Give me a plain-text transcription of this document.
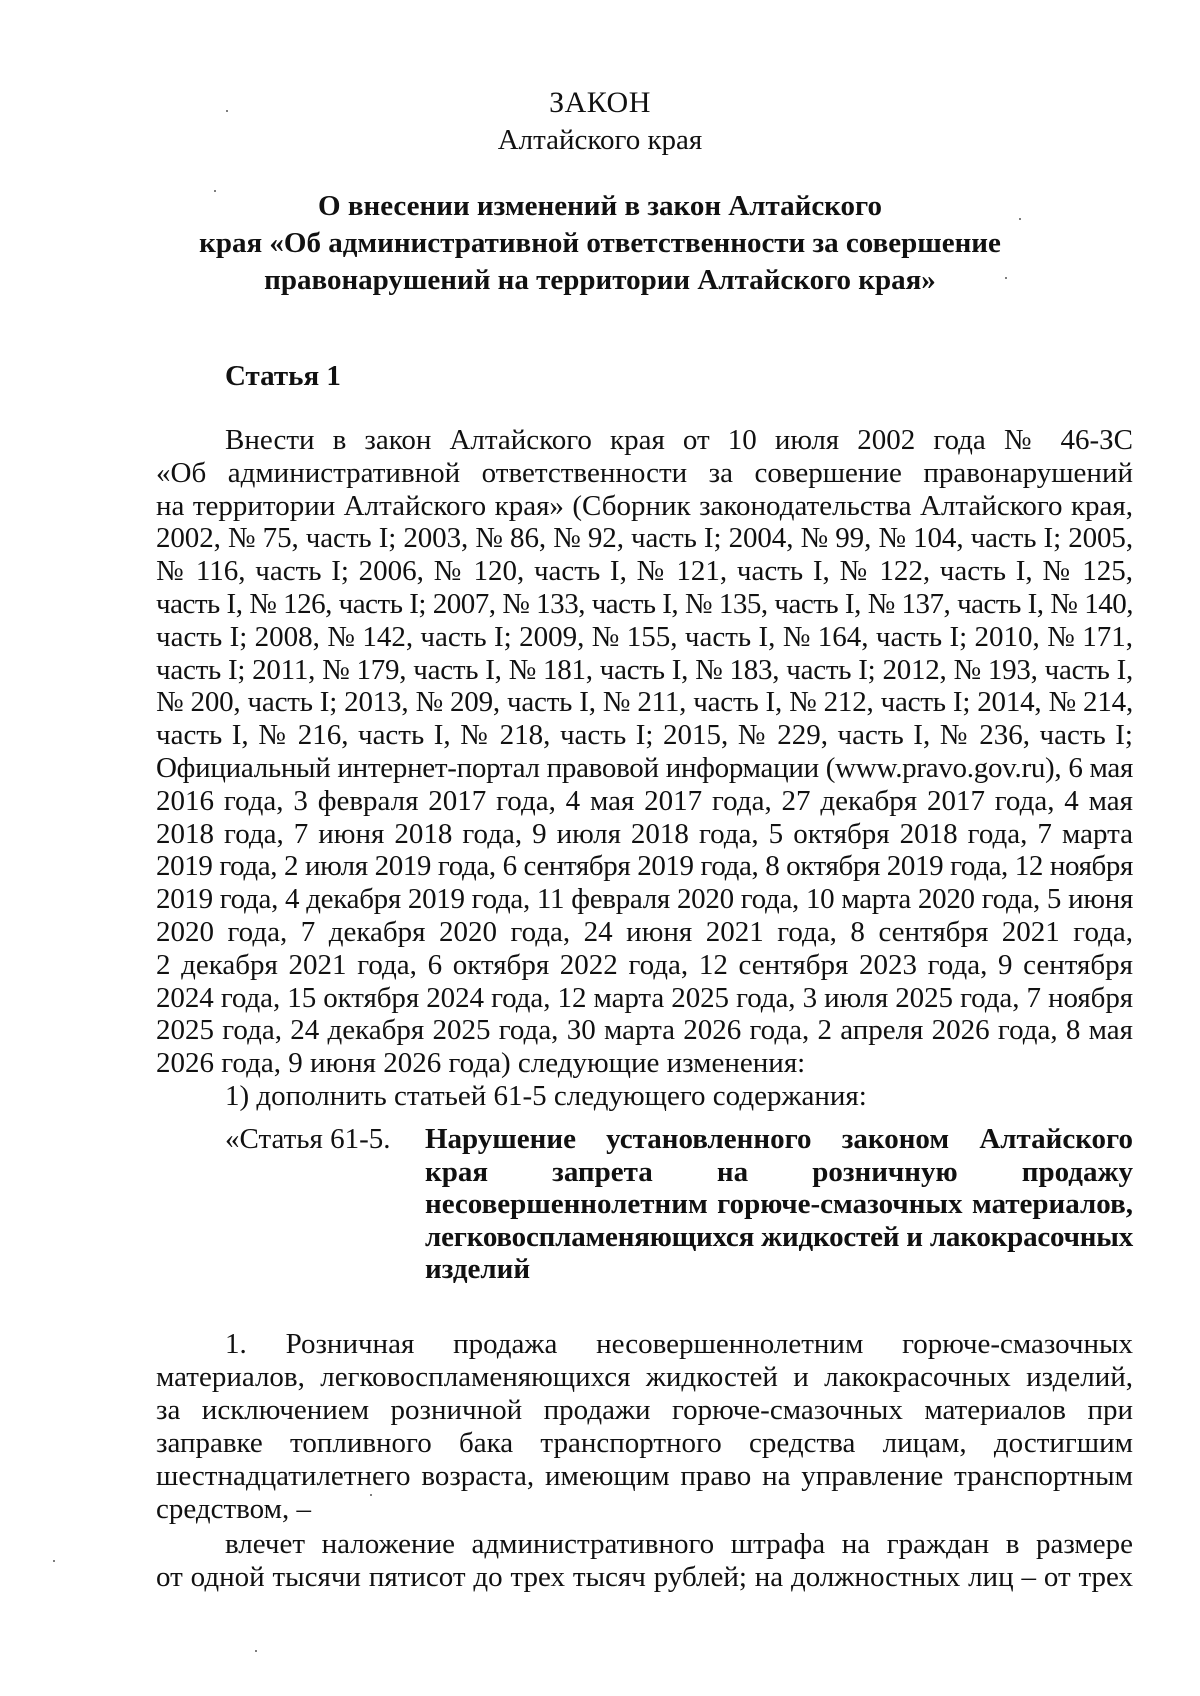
ЗАКОН
Алтайского края
О внесении изменений в закон Алтайского
края «Об административной ответственности за совершение
правонарушений на территории Алтайского края»
Статья 1
Внести в закон Алтайского края от 10 июля 2002 года № 46-ЗС
«Об административной ответственности за совершение правонарушений
на территории Алтайского края» (Сборник законодательства Алтайского края,
2002, № 75, часть I; 2003, № 86, № 92, часть I; 2004, № 99, № 104, часть I; 2005,
№ 116, часть I; 2006, № 120, часть I, № 121, часть I, № 122, часть I, № 125,
часть I, № 126, часть I; 2007, № 133, часть I, № 135, часть I, № 137, часть I, № 140,
часть I; 2008, № 142, часть I; 2009, № 155, часть I, № 164, часть I; 2010, № 171,
часть I; 2011, № 179, часть I, № 181, часть I, № 183, часть I; 2012, № 193, часть I,
№ 200, часть I; 2013, № 209, часть I, № 211, часть I, № 212, часть I; 2014, № 214,
часть I, № 216, часть I, № 218, часть I; 2015, № 229, часть I, № 236, часть I;
Официальный интернет-портал правовой информации (www.pravo.gov.ru), 6 мая
2016 года, 3 февраля 2017 года, 4 мая 2017 года, 27 декабря 2017 года, 4 мая
2018 года, 7 июня 2018 года, 9 июля 2018 года, 5 октября 2018 года, 7 марта
2019 года, 2 июля 2019 года, 6 сентября 2019 года, 8 октября 2019 года, 12 ноября
2019 года, 4 декабря 2019 года, 11 февраля 2020 года, 10 марта 2020 года, 5 июня
2020 года, 7 декабря 2020 года, 24 июня 2021 года, 8 сентября 2021 года,
2 декабря 2021 года, 6 октября 2022 года, 12 сентября 2023 года, 9 сентября
2024 года, 15 октября 2024 года, 12 марта 2025 года, 3 июля 2025 года, 7 ноября
2025 года, 24 декабря 2025 года, 30 марта 2026 года, 2 апреля 2026 года, 8 мая
2026 года, 9 июня 2026 года) следующие изменения:
1) дополнить статьей 61-5 следующего содержания:
«Статья 61-5. Нарушение установленного законом Алтайского
края запрета на розничную продажу
несовершеннолетним горюче-смазочных материалов,
легковоспламеняющихся жидкостей и лакокрасочных
изделий
1. Розничная продажа несовершеннолетним горюче-смазочных
материалов, легковоспламеняющихся жидкостей и лакокрасочных изделий,
за исключением розничной продажи горюче-смазочных материалов при
заправке топливного бака транспортного средства лицам, достигшим
шестнадцатилетнего возраста, имеющим право на управление транспортным
средством, –
влечет наложение административного штрафа на граждан в размере
от одной тысячи пятисот до трех тысяч рублей; на должностных лиц – от трех
